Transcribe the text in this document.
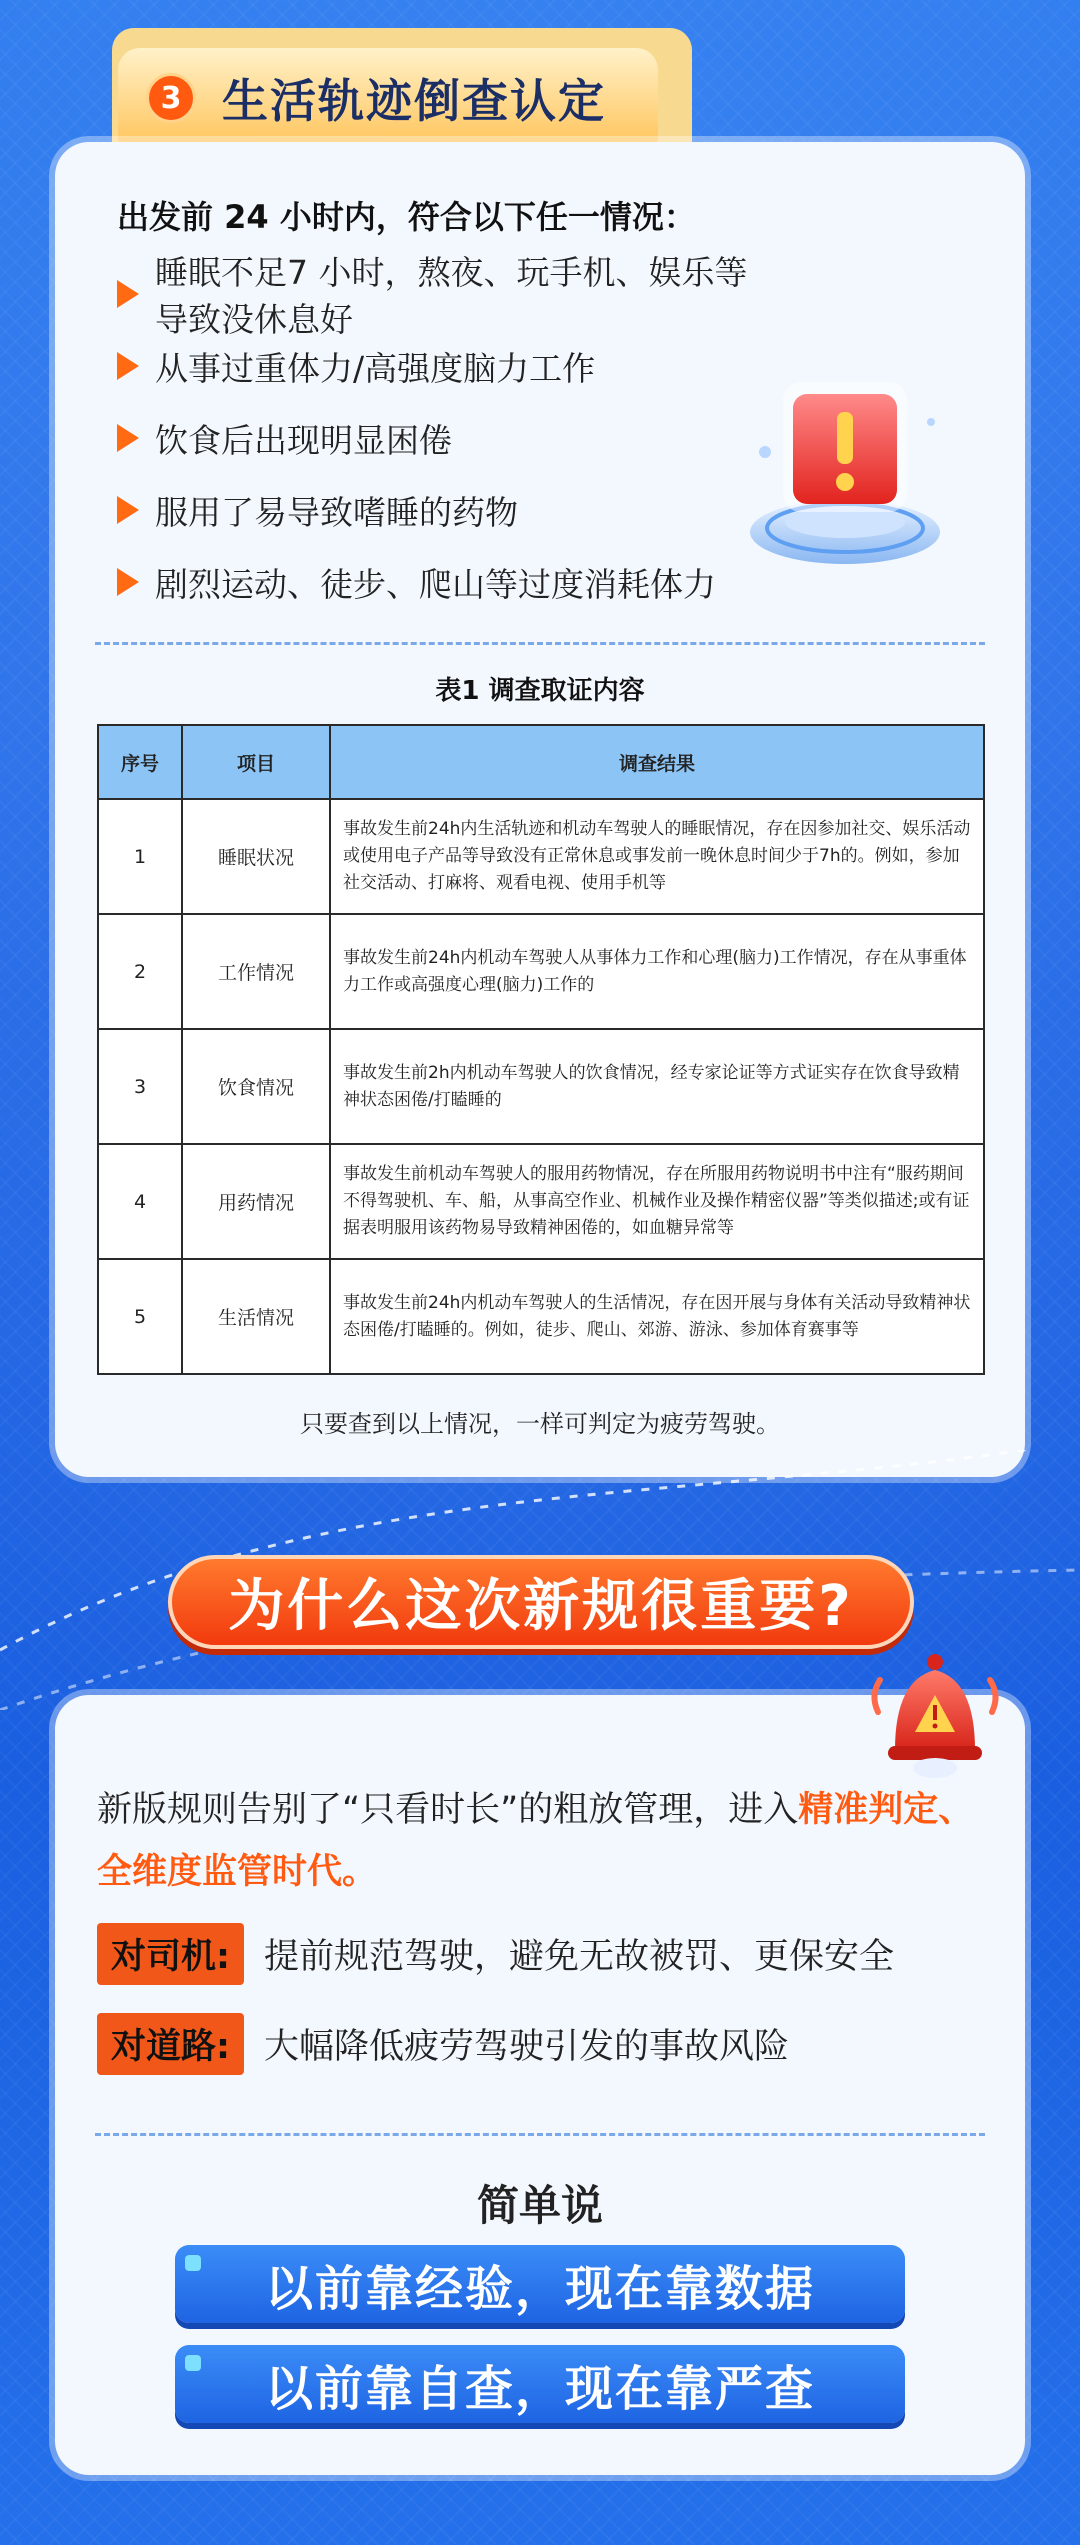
3 生活轨迹倒查认定
出发前 24 小时内，符合以下任一情况：
睡眠不足7 小时，熬夜、玩手机、娱乐等导致没休息好
从事过重体力/高强度脑力工作
饮食后出现明显困倦
服用了易导致嗜睡的药物
剧烈运动、徒步、爬山等过度消耗体力
表1 调查取证内容
序号	项目	调查结果
1	睡眠状况	事故发生前24h内生活轨迹和机动车驾驶人的睡眠情况，存在因参加社交、娱乐活动或使用电子产品等导致没有正常休息或事发前一晚休息时间少于7h的。例如，参加社交活动、打麻将、观看电视、使用手机等
2	工作情况	事故发生前24h内机动车驾驶人从事体力工作和心理(脑力)工作情况，存在从事重体力工作或高强度心理(脑力)工作的
3	饮食情况	事故发生前2h内机动车驾驶人的饮食情况，经专家论证等方式证实存在饮食导致精神状态困倦/打瞌睡的
4	用药情况	事故发生前机动车驾驶人的服用药物情况，存在所服用药物说明书中注有“服药期间不得驾驶机、车、船，从事高空作业、机械作业及操作精密仪器”等类似描述;或有证据表明服用该药物易导致精神困倦的，如血糖异常等
5	生活情况	事故发生前24h内机动车驾驶人的生活情况，存在因开展与身体有关活动导致精神状态困倦/打瞌睡的。例如，徒步、爬山、郊游、游泳、参加体育赛事等
只要查到以上情况，一样可判定为疲劳驾驶。
为什么这次新规很重要?
新版规则告别了“只看时长”的粗放管理，进入精准判定、全维度监管时代。
对司机: 提前规范驾驶，避免无故被罚、更保安全
对道路: 大幅降低疲劳驾驶引发的事故风险
简单说
以前靠经验，现在靠数据
以前靠自查，现在靠严查
